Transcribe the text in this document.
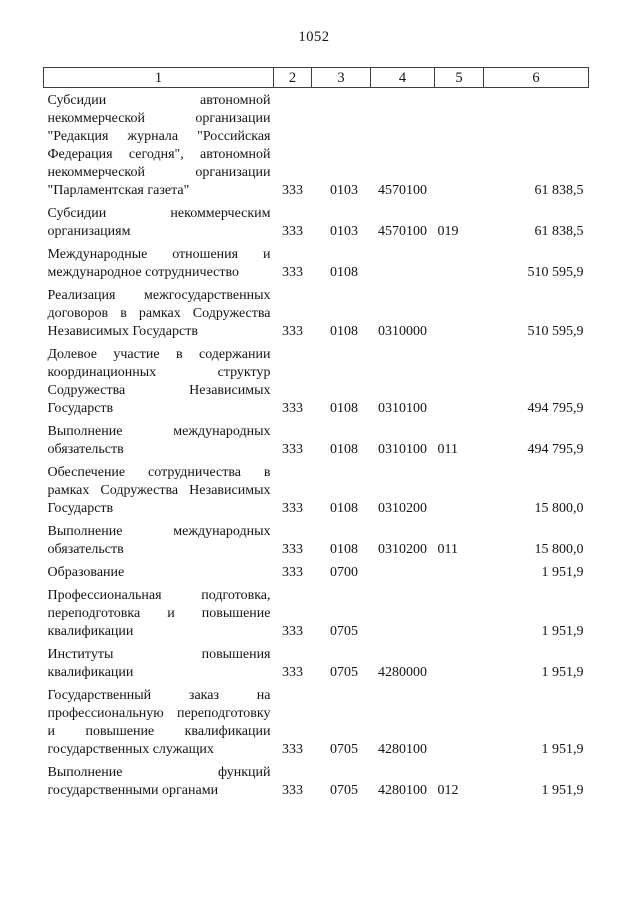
1052
1	2	3	4	5	6
Субсидии автономной некоммерческой организации "Редакция журнала "Российская Федерация сегодня", автономной некоммерческой организации "Парламентская газета"	333	0103	4570100		61 838,5
Субсидии некоммерческим организациям	333	0103	4570100	019	61 838,5
Международные отношения и международное сотрудничество	333	0108			510 595,9
Реализация межгосударственных договоров в рамках Содружества Независимых Государств	333	0108	0310000		510 595,9
Долевое участие в содержании координационных структур Содружества Независимых Государств	333	0108	0310100		494 795,9
Выполнение международных обязательств	333	0108	0310100	011	494 795,9
Обеспечение сотрудничества в рамках Содружества Независимых Государств	333	0108	0310200		15 800,0
Выполнение международных обязательств	333	0108	0310200	011	15 800,0
Образование	333	0700			1 951,9
Профессиональная подготовка, переподготовка и повышение квалификации	333	0705			1 951,9
Институты повышения квалификации	333	0705	4280000		1 951,9
Государственный заказ на профессиональную переподготовку и повышение квалификации государственных служащих	333	0705	4280100		1 951,9
Выполнение функций государственными органами	333	0705	4280100	012	1 951,9
